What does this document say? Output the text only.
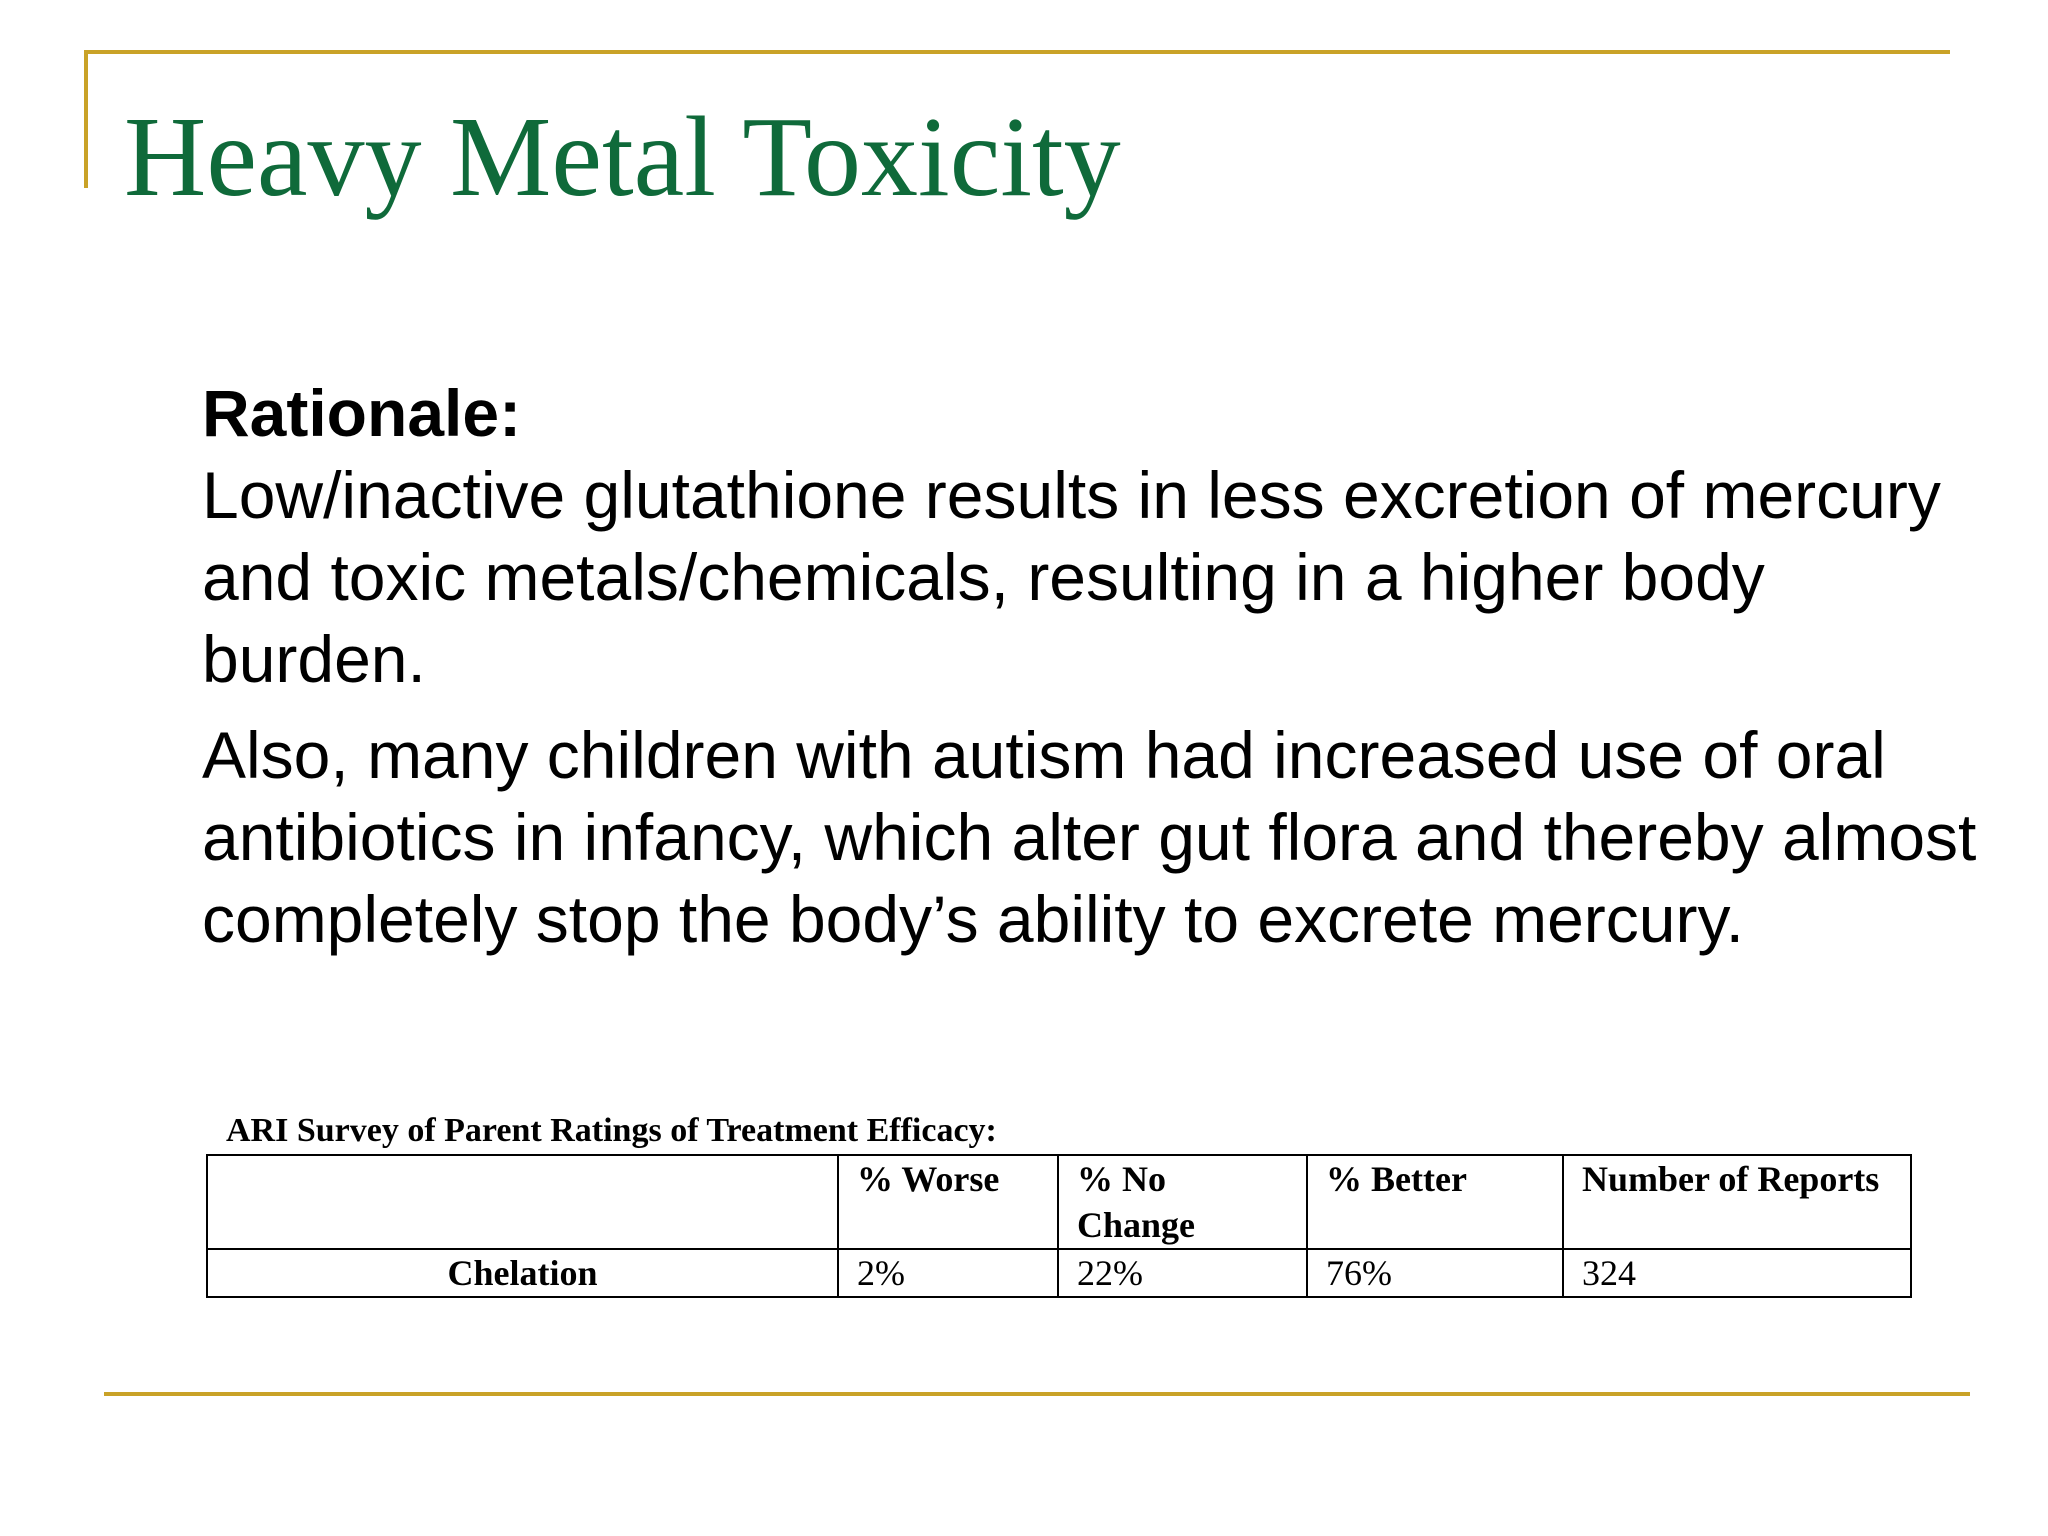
Heavy Metal Toxicity

Rationale:

Low/inactive glutathione results in less excretion of mercury and toxic metals/chemicals, resulting in a higher body burden.

Also, many children with autism had increased use of oral antibiotics in infancy, which alter gut flora and thereby almost completely stop the body’s ability to excrete mercury.

ARI Survey of Parent Ratings of Treatment Efficacy:

	% Worse	% No Change	% Better	Number of Reports
Chelation	2%	22%	76%	324
